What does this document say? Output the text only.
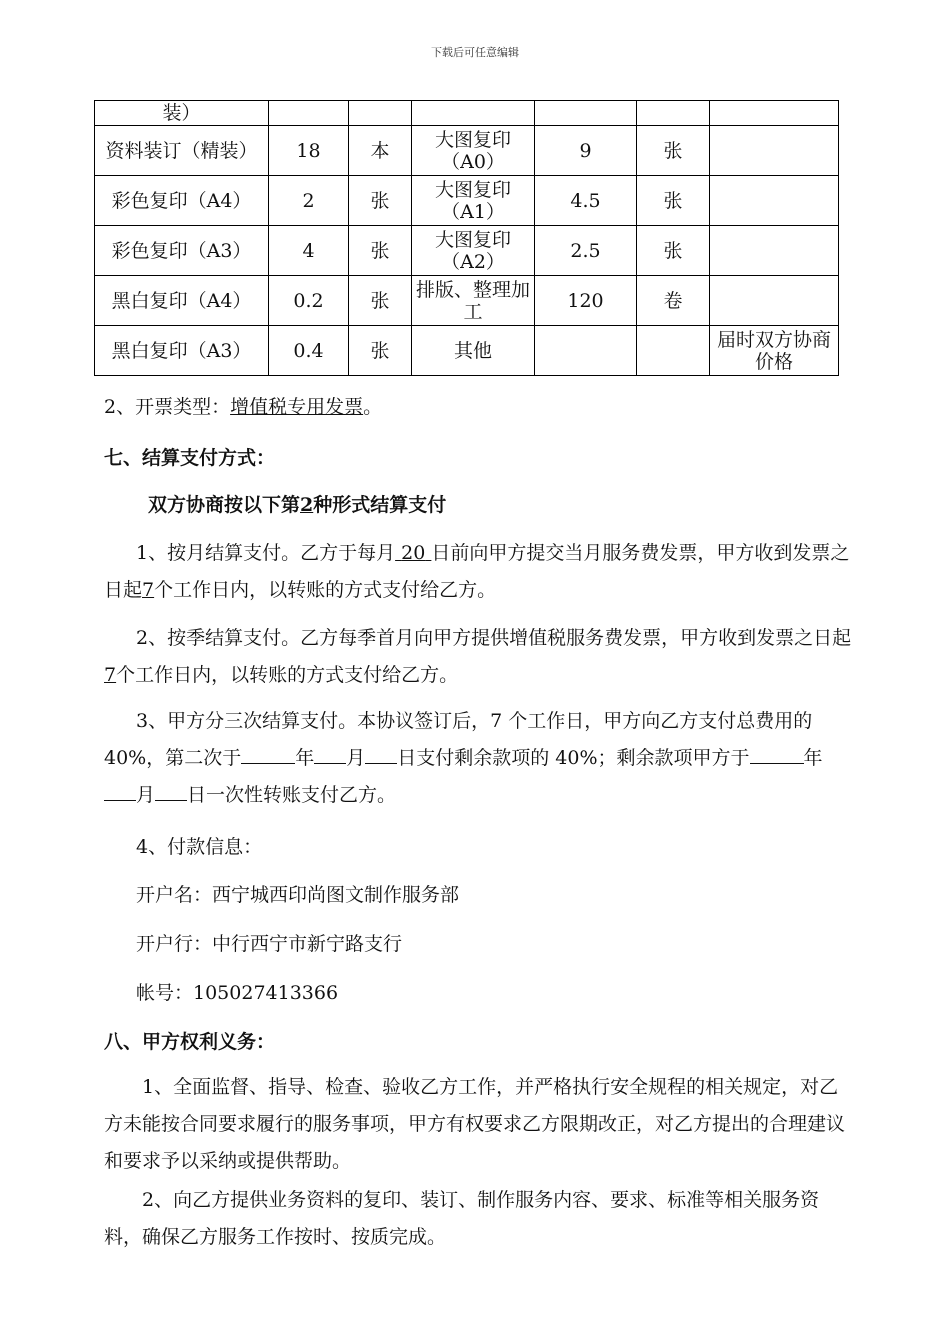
下载后可任意编辑
装）						
资料装订（精装）	18	本	大图复印（A0）	9	张	
彩色复印（A4）	2	张	大图复印（A1）	4.5	张	
彩色复印（A3）	4	张	大图复印（A2）	2.5	张	
黑白复印（A4）	0.2	张	排版、整理加工	120	卷	
黑白复印（A3）	0.4	张	其他			届时双方协商价格
2、开票类型：增值税专用发票。
七、结算支付方式：
双方协商按以下第2种形式结算支付
1、按月结算支付。乙方于每月 20 日前向甲方提交当月服务费发票，甲方收到发票之日起7个工作日内，以转账的方式支付给乙方。
2、按季结算支付。乙方每季首月向甲方提供增值税服务费发票，甲方收到发票之日起7个工作日内，以转账的方式支付给乙方。
3、甲方分三次结算支付。本协议签订后，7 个工作日，甲方向乙方支付总费用的 40%，第二次于	年 月 日支付剩余款项的 40%；剩余款项甲方于	年月 日一次性转账支付乙方。
4、付款信息：
开户名：西宁城西印尚图文制作服务部
开户行：中行西宁市新宁路支行
帐号：105027413366
八、甲方权利义务：
1、全面监督、指导、检查、验收乙方工作，并严格执行安全规程的相关规定，对乙方未能按合同要求履行的服务事项，甲方有权要求乙方限期改正，对乙方提出的合理建议和要求予以采纳或提供帮助。
2、向乙方提供业务资料的复印、装订、制作服务内容、要求、标准等相关服务资料，确保乙方服务工作按时、按质完成。
